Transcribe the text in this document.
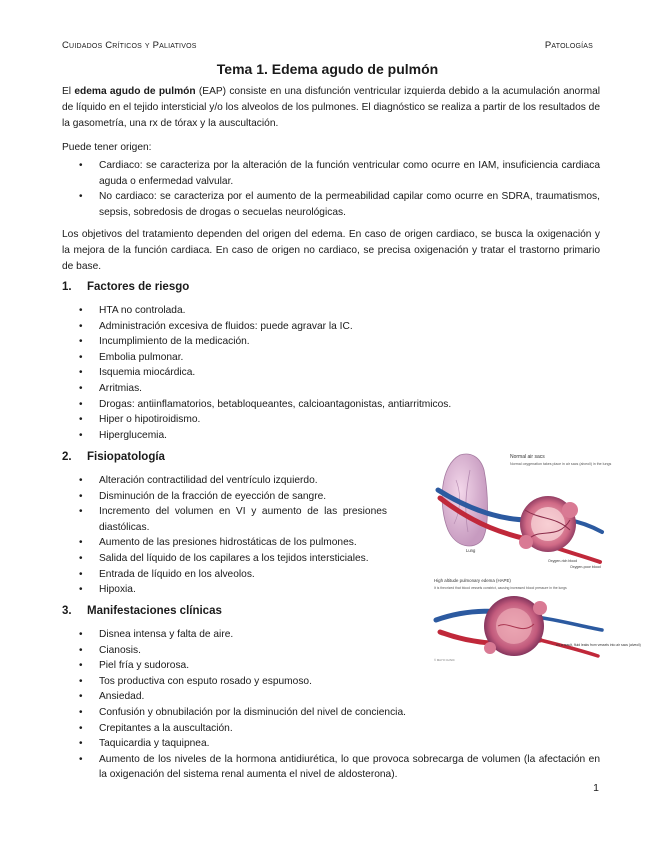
Cuidados Críticos y Paliativos	Patologías
Tema 1. Edema agudo de pulmón
El edema agudo de pulmón (EAP) consiste en una disfunción ventricular izquierda debido a la acumulación anormal de líquido en el tejido intersticial y/o los alveolos de los pulmones. El diagnóstico se realiza a partir de los resultados de la gasometría, una rx de tórax y la auscultación.
Puede tener origen:
• Cardiaco: se caracteriza por la alteración de la función ventricular como ocurre en IAM, insuficiencia cardiaca aguda o enfermedad valvular.
• No cardiaco: se caracteriza por el aumento de la permeabilidad capilar como ocurre en SDRA, traumatismos, sepsis, sobredosis de drogas o secuelas neurológicas.
Los objetivos del tratamiento dependen del origen del edema. En caso de origen cardiaco, se busca la oxigenación y la mejora de la función cardiaca. En caso de origen no cardiaco, se precisa oxigenación y tratar el trastorno primario de base.
1. Factores de riesgo
• HTA no controlada.
• Administración excesiva de fluidos: puede agravar la IC.
• Incumplimiento de la medicación.
• Embolia pulmonar.
• Isquemia miocárdica.
• Arritmias.
• Drogas: antiinflamatorios, betabloqueantes, calcioantagonistas, antiarritmicos.
• Hiper o hipotiroidismo.
• Hiperglucemia.
2. Fisiopatología
• Alteración contractilidad del ventrículo izquierdo.
• Disminución de la fracción de eyección de sangre.
• Incremento del volumen en VI y aumento de las presiones diastólicas.
• Aumento de las presiones hidrostáticas de los pulmones.
• Salida del líquido de los capilares a los tejidos intersticiales.
• Entrada de líquido en los alveolos.
• Hipoxia.
3. Manifestaciones clínicas
• Disnea intensa y falta de aire.
• Cianosis.
• Piel fría y sudorosa.
• Tos productiva con esputo rosado y espumoso.
• Ansiedad.
• Confusión y obnubilación por la disminución del nivel de conciencia.
• Crepitantes a la auscultación.
• Taquicardia y taquipnea.
• Aumento de los niveles de la hormona antidiurética, lo que provoca sobrecarga de volumen (la afectación en la oxigenación del sistema renal aumenta el nivel de aldosterona).
Normal air sacs
Normal oxygenation takes place in air sacs (alveoli) in the lungs
Lung
Oxygen-rich blood
Oxygen-poor blood
High altitude pulmonary edema (HAPE)
It is theorized that blood vessels constrict, causing increased blood pressure in the lungs
As a result, fluid leaks from vessels into air sacs (alveoli)
© MAYO CLINIC
1
